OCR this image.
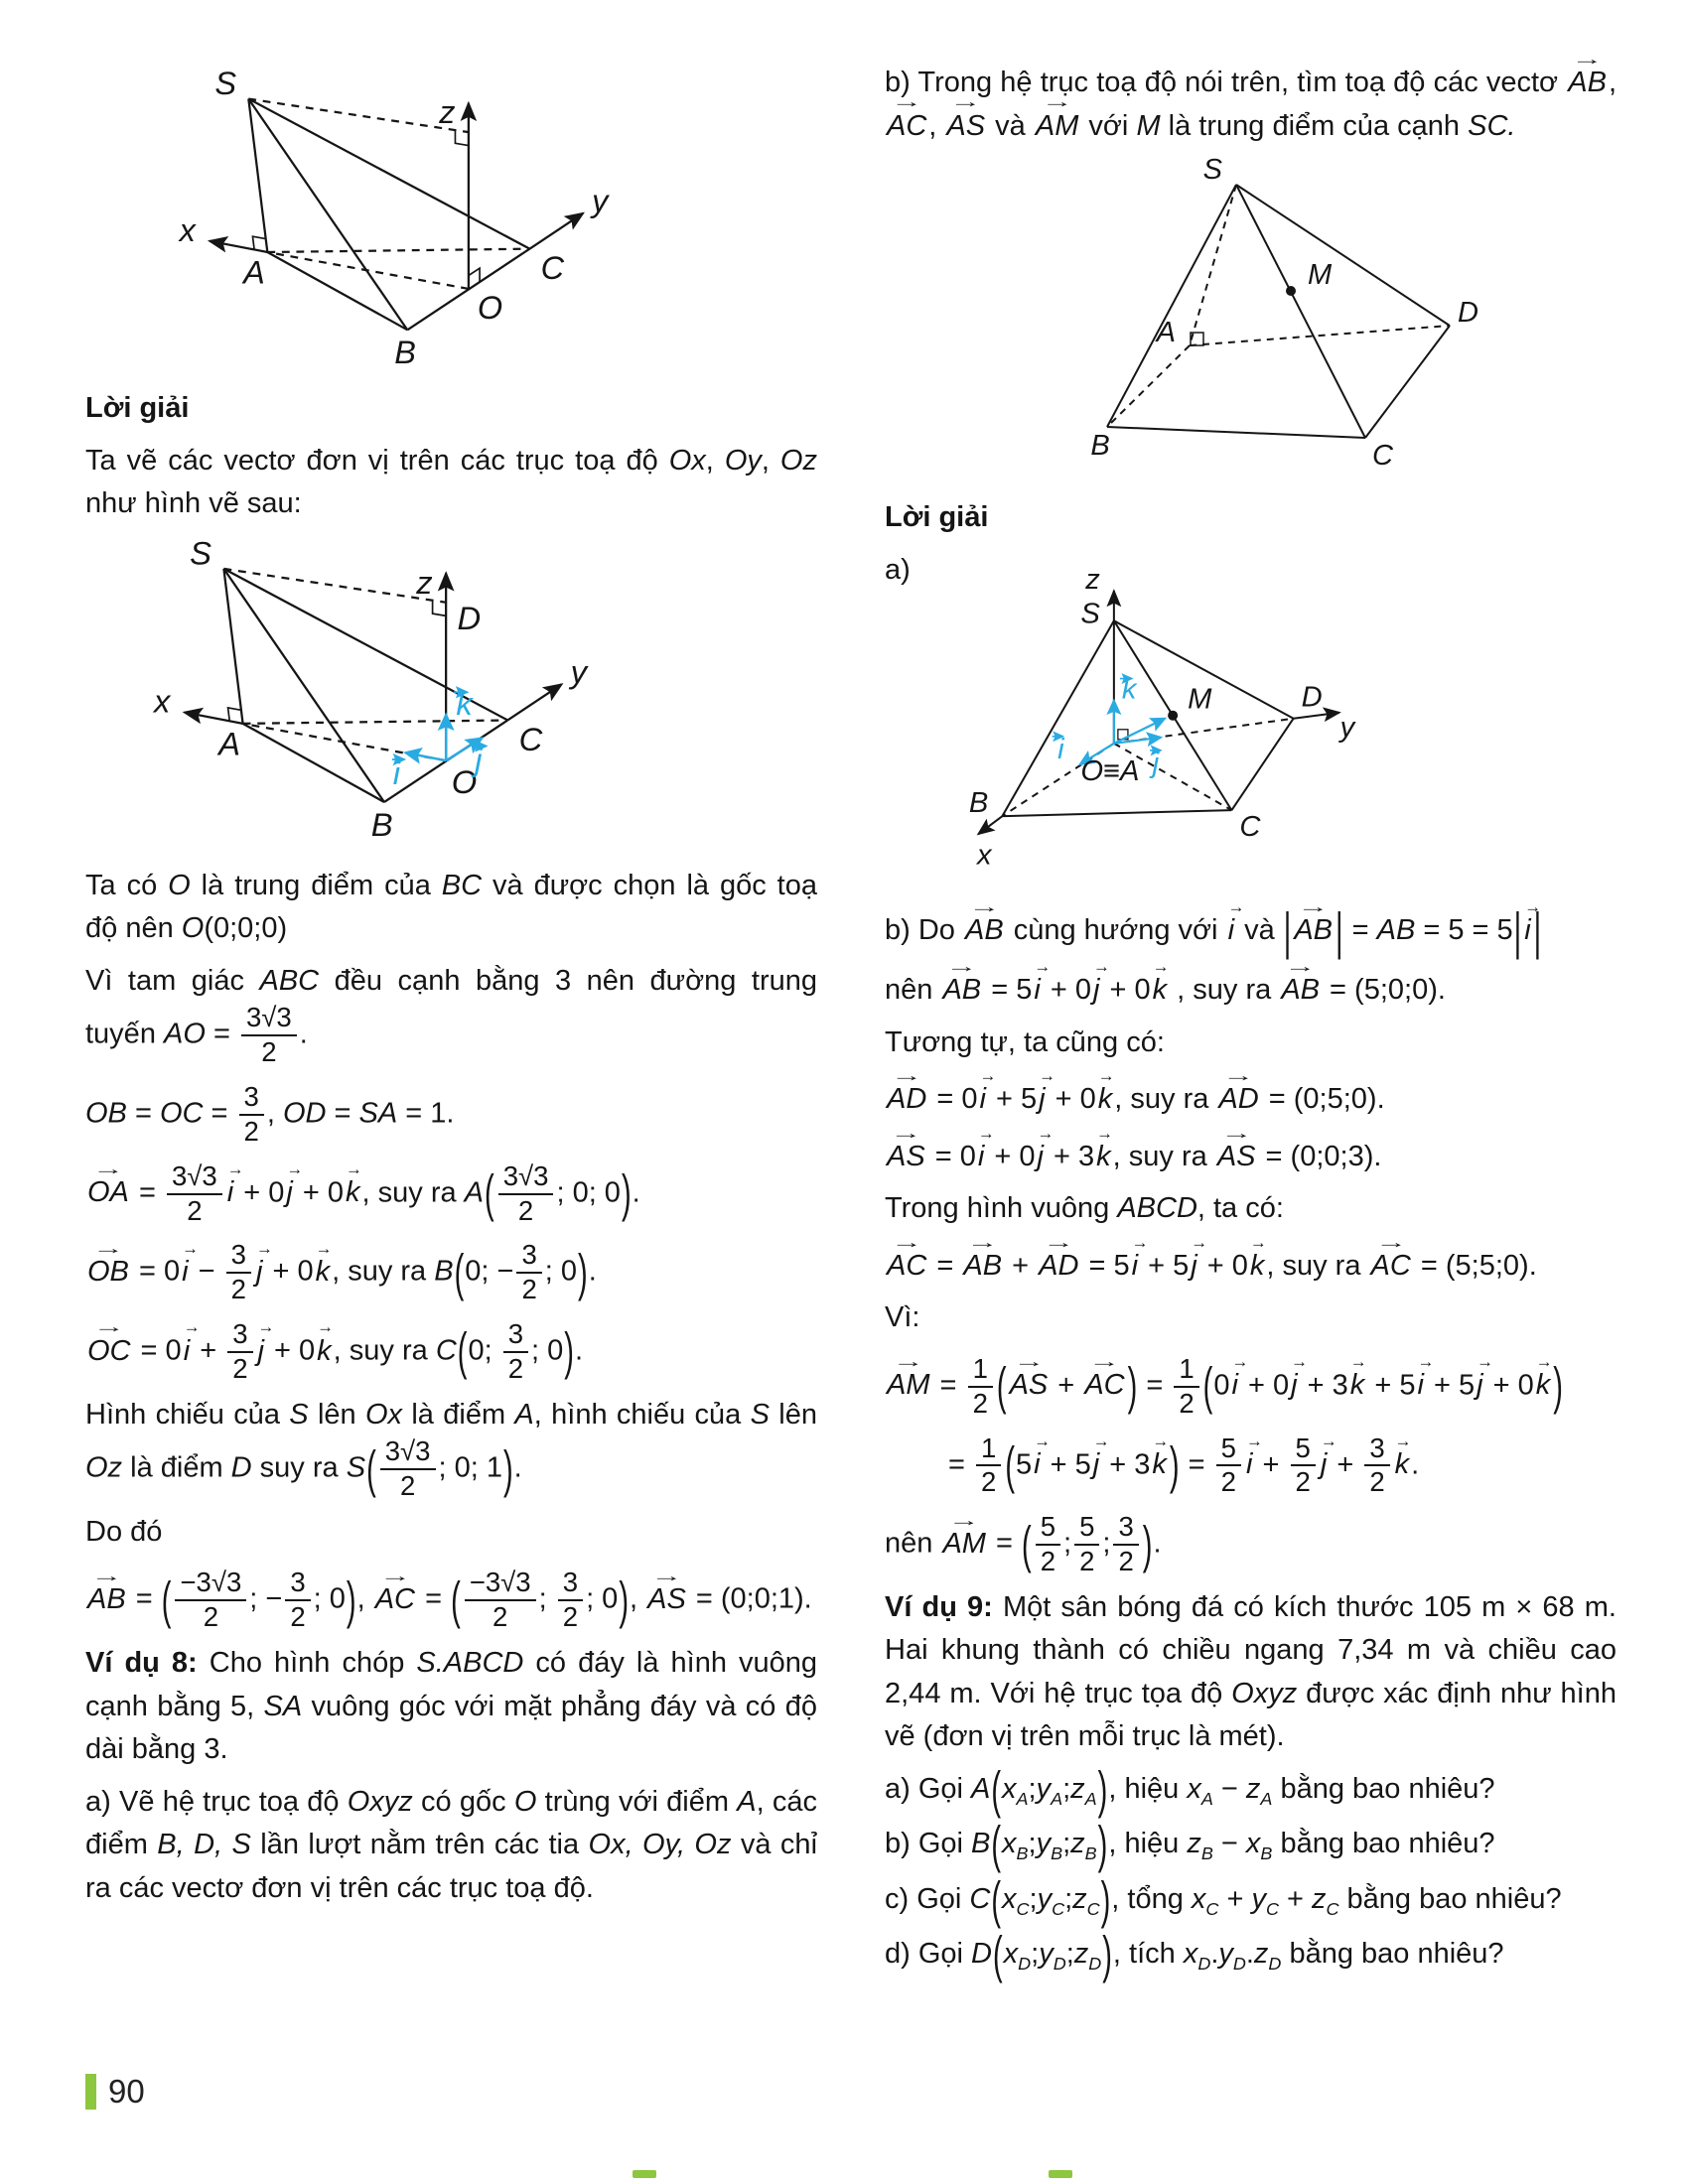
S
z
x
y
A
B
C
O

Lời giải

Ta vẽ các vectơ đơn vị trên các trục toạ độ Ox, Oy, Oz như hình vẽ sau:

S
z
D
x
y
A
B
C
O
k
i	j

Ta có O là trung điểm của BC và được chọn là gốc toạ độ nên O(0;0;0)

Vì tam giác ABC đều cạnh bằng 3 nên đường trung tuyến AO = $\frac{3√3}{2}$ .

OB = OC = $\frac{3}{2}$ , OD = SA = 1.

→
OA = $\frac{3√3}{2}$ →
i + 0
→
j + 0
→
k, suy ra $A( \frac{3√3}{2}$ ; 0; 0).

→
OB = 0
→
$i - \frac{3}{2}$ →
j + 0
→
k, suy ra B(0; − $\frac{3}{2}$ ; 0).

→
OC = 0
→
$i + \frac{3}{2}$ →
j + 0
→
k, suy ra C(0; $\frac{3}{2}$ ; 0).

Hình chiếu của S lên Ox là điểm A, hình chiếu của S lên Oz là điểm D suy ra $S( \frac{3√3}{2}$ ; 0; 1).

Do đó

→
AB = ( $\frac{-3√3}{2}$ ; − $\frac{3}{2}$ ; 0),
→
AC = ( $\frac{-3√3}{2}$ ; $\frac{3}{2}$ ; 0),
→
AS = (0;0;1).

Ví dụ 8: Cho hình chóp S.ABCD có đáy là hình vuông cạnh bằng 5, SA vuông góc với mặt phẳng đáy và có độ dài bằng 3.

a) Vẽ hệ trục toạ độ Oxyz có gốc O trùng với điểm A, các điểm B, D, S lần lượt nằm trên các tia Ox, Oy, Oz và chỉ ra các vectơ đơn vị trên các trục toạ độ.

b) Trong hệ trục toạ độ nói trên, tìm toạ độ các vectơ
→
AB,
→
AC,
→
AS và
→
AM với M là trung điểm của cạnh SC.

S
M
A
D
B	C

Lời giải

a)	z
S
M	D
y
k
i	j
O≡A
B
C
x

b) Do
→
AB cùng hướng với
→
i và | →
AB | = AB = 5 = 5| →
i |

nên
→
AB = 5
→
i + 0
→
j + 0
→
k , suy ra
→
AB = (5;0;0).

Tương tự, ta cũng có:

→
AD = 0
→
i + 5
→
j + 0
→
k, suy ra
→
AD = (0;5;0).

→
AS = 0
→
i + 0
→
j + 3
→
k, suy ra
→
AS = (0;0;3).

Trong hình vuông ABCD, ta có:

→
AC =
→
AB +
→
AD = 5
→
i + 5
→
j + 0
→
k, suy ra
→
AC = (5;5;0).

Vì:

→
AM = $\frac{1}{2}$ ( →
AS +
→
AC ) = $\frac{1}{2} (0$
→
i + 0
→
j + 3
→
k + 5
→
i + 5
→
j + 0
→
k )

= $\frac{1}{2} (5$
→
i + 5
→
j + 3
→
k ) = $\frac{5}{2}$ →
$i + \frac{5}{2}$ →
$j + \frac{3}{2}$ →
k.

nên
→
AM = ( $\frac{5}{2}$ ; $\frac{5}{2}$ ; $\frac{3}{2}$ ).

Ví dụ 9: Một sân bóng đá có kích thước 105 m × 68 m. Hai khung thành có chiều ngang 7,34 m và chiều cao 2,44 m. Với hệ trục tọa độ Oxyz được xác định như hình vẽ (đơn vị trên mỗi trục là mét).

a) Gọi $A(x_A;y_A;z_A)$, hiệu $x_A - z_A$ bằng bao nhiêu?

b) Gọi $B(x_B;y_B;z_B)$, hiệu $z_B - x_B$ bằng bao nhiêu?

c) Gọi $C(x_C;y_C;z_C)$, tổng $x_C + y_C + z_C$ bằng bao nhiêu?

d) Gọi $D(x_D;y_D;z_D)$, tích $x_D.y_D.z_D$ bằng bao nhiêu?

90
